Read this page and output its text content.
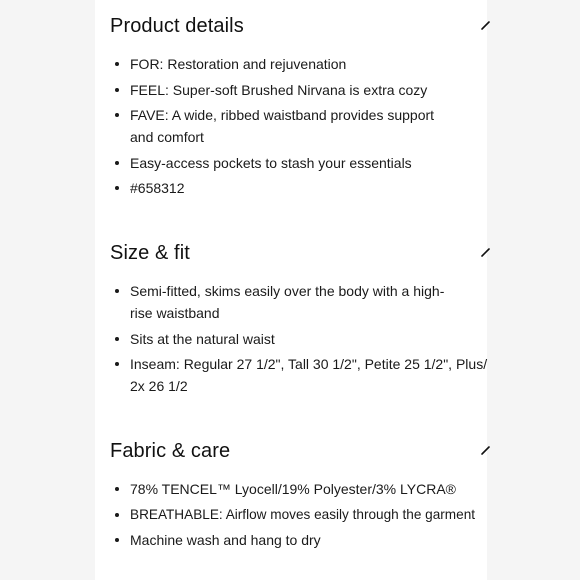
Product details
FOR: Restoration and rejuvenation
FEEL: Super-soft Brushed Nirvana is extra cozy
FAVE: A wide, ribbed waistband provides support and comfort
Easy-access pockets to stash your essentials
#658312
Size & fit
Semi-fitted, skims easily over the body with a high-rise waistband
Sits at the natural waist
Inseam: Regular 27 1/2", Tall 30 1/2", Petite 25 1/2", Plus/ 2x 26 1/2
Fabric & care
78% TENCEL™ Lyocell/19% Polyester/3% LYCRA®
BREATHABLE: Airflow moves easily through the garment
Machine wash and hang to dry
